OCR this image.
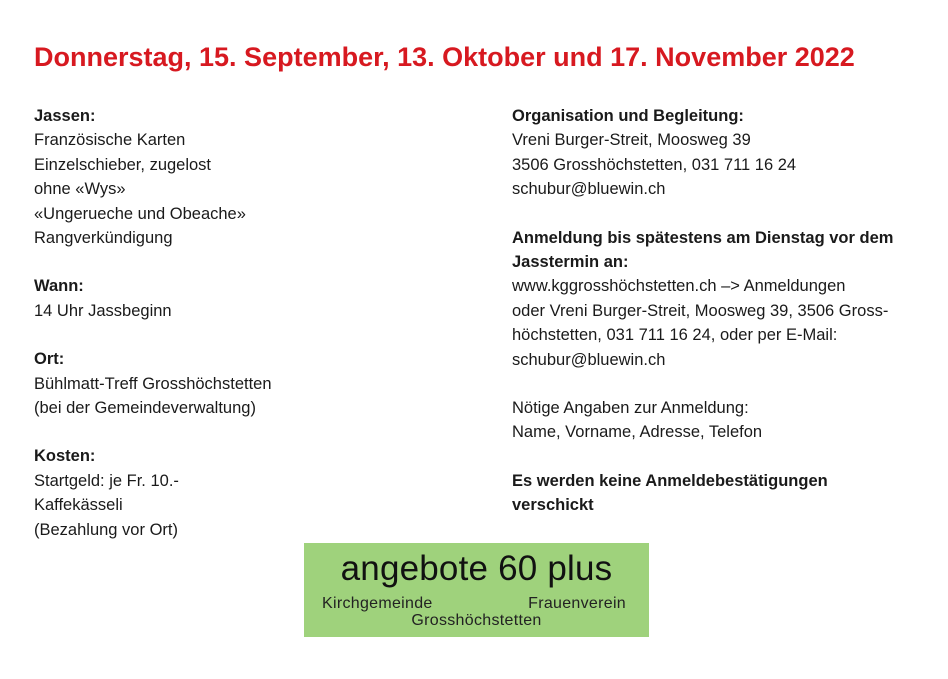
Donnerstag, 15. September, 13. Oktober und 17. November 2022
Jassen:
Französische Karten
Einzelschieber, zugelost
ohne «Wys»
«Ungerueche und Obeache»
Rangverkündigung
Wann:
14 Uhr Jassbeginn
Ort:
Bühlmatt-Treff Grosshöchstetten
(bei der Gemeindeverwaltung)
Kosten:
Startgeld: je Fr. 10.-
Kaffekässeli
(Bezahlung vor Ort)
Organisation und Begleitung:
Vreni Burger-Streit, Moosweg 39
3506 Grosshöchstetten, 031 711 16 24
schubur@bluewin.ch
Anmeldung bis spätestens am Dienstag vor dem
Jasstermin an:
www.kggrosshöchstetten.ch –> Anmeldungen
oder Vreni Burger-Streit, Moosweg 39, 3506 Gross-
höchstetten, 031 711 16 24, oder per E-Mail:
schubur@bluewin.ch
Nötige Angaben zur Anmeldung:
Name, Vorname, Adresse, Telefon
Es werden keine Anmeldebestätigungen
verschickt
angebote 60 plus
Kirchgemeinde	Frauenverein
Grosshöchstetten
